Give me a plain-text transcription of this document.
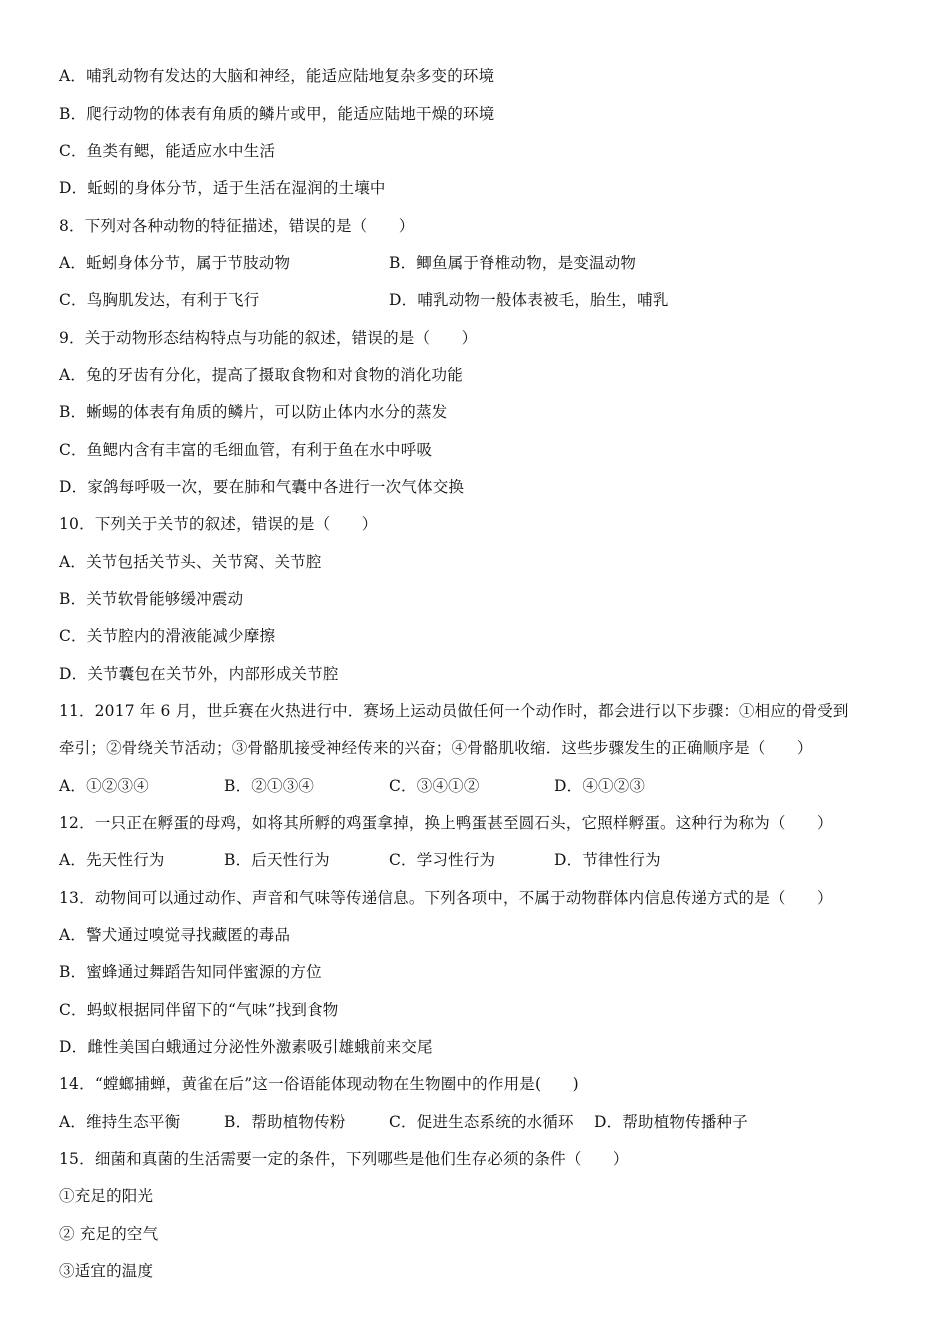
A．哺乳动物有发达的大脑和神经，能适应陆地复杂多变的环境
B．爬行动物的体表有角质的鳞片或甲，能适应陆地干燥的环境
C．鱼类有鳃，能适应水中生活
D．蚯蚓的身体分节，适于生活在湿润的土壤中
8．下列对各种动物的特征描述，错误的是（　　）
A．蚯蚓身体分节，属于节肢动物	B．鲫鱼属于脊椎动物，是变温动物
C．鸟胸肌发达，有利于飞行	D．哺乳动物一般体表被毛，胎生，哺乳
9．关于动物形态结构特点与功能的叙述，错误的是（　　）
A．兔的牙齿有分化，提高了摄取食物和对食物的消化功能
B．蜥蜴的体表有角质的鳞片，可以防止体内水分的蒸发
C．鱼鳃内含有丰富的毛细血管，有利于鱼在水中呼吸
D．家鸽每呼吸一次，要在肺和气囊中各进行一次气体交换
10．下列关于关节的叙述，错误的是（　　）
A．关节包括关节头、关节窝、关节腔
B．关节软骨能够缓冲震动
C．关节腔内的滑液能减少摩擦
D．关节囊包在关节外，内部形成关节腔
11．2017 年 6 月，世乒赛在火热进行中．赛场上运动员做任何一个动作时，都会进行以下步骤：①相应的骨受到
牵引；②骨绕关节活动；③骨骼肌接受神经传来的兴奋；④骨骼肌收缩．这些步骤发生的正确顺序是（　　）
A．①②③④	B．②①③④	C．③④①②	D．④①②③
12．一只正在孵蛋的母鸡，如将其所孵的鸡蛋拿掉，换上鸭蛋甚至圆石头，它照样孵蛋。这种行为称为（　　）
A．先天性行为	B．后天性行为	C．学习性行为	D．节律性行为
13．动物间可以通过动作、声音和气味等传递信息。下列各项中，不属于动物群体内信息传递方式的是（　　）
A．警犬通过嗅觉寻找藏匿的毒品
B．蜜蜂通过舞蹈告知同伴蜜源的方位
C．蚂蚁根据同伴留下的“气味”找到食物
D．雌性美国白蛾通过分泌性外激素吸引雄蛾前来交尾
14．“螳螂捕蝉，黄雀在后”这一俗语能体现动物在生物圈中的作用是(　　)
A．维持生态平衡	B．帮助植物传粉	C．促进生态系统的水循环 D．帮助植物传播种子
15．细菌和真菌的生活需要一定的条件，下列哪些是他们生存必须的条件（　　）
①充足的阳光
② 充足的空气
③适宜的温度
